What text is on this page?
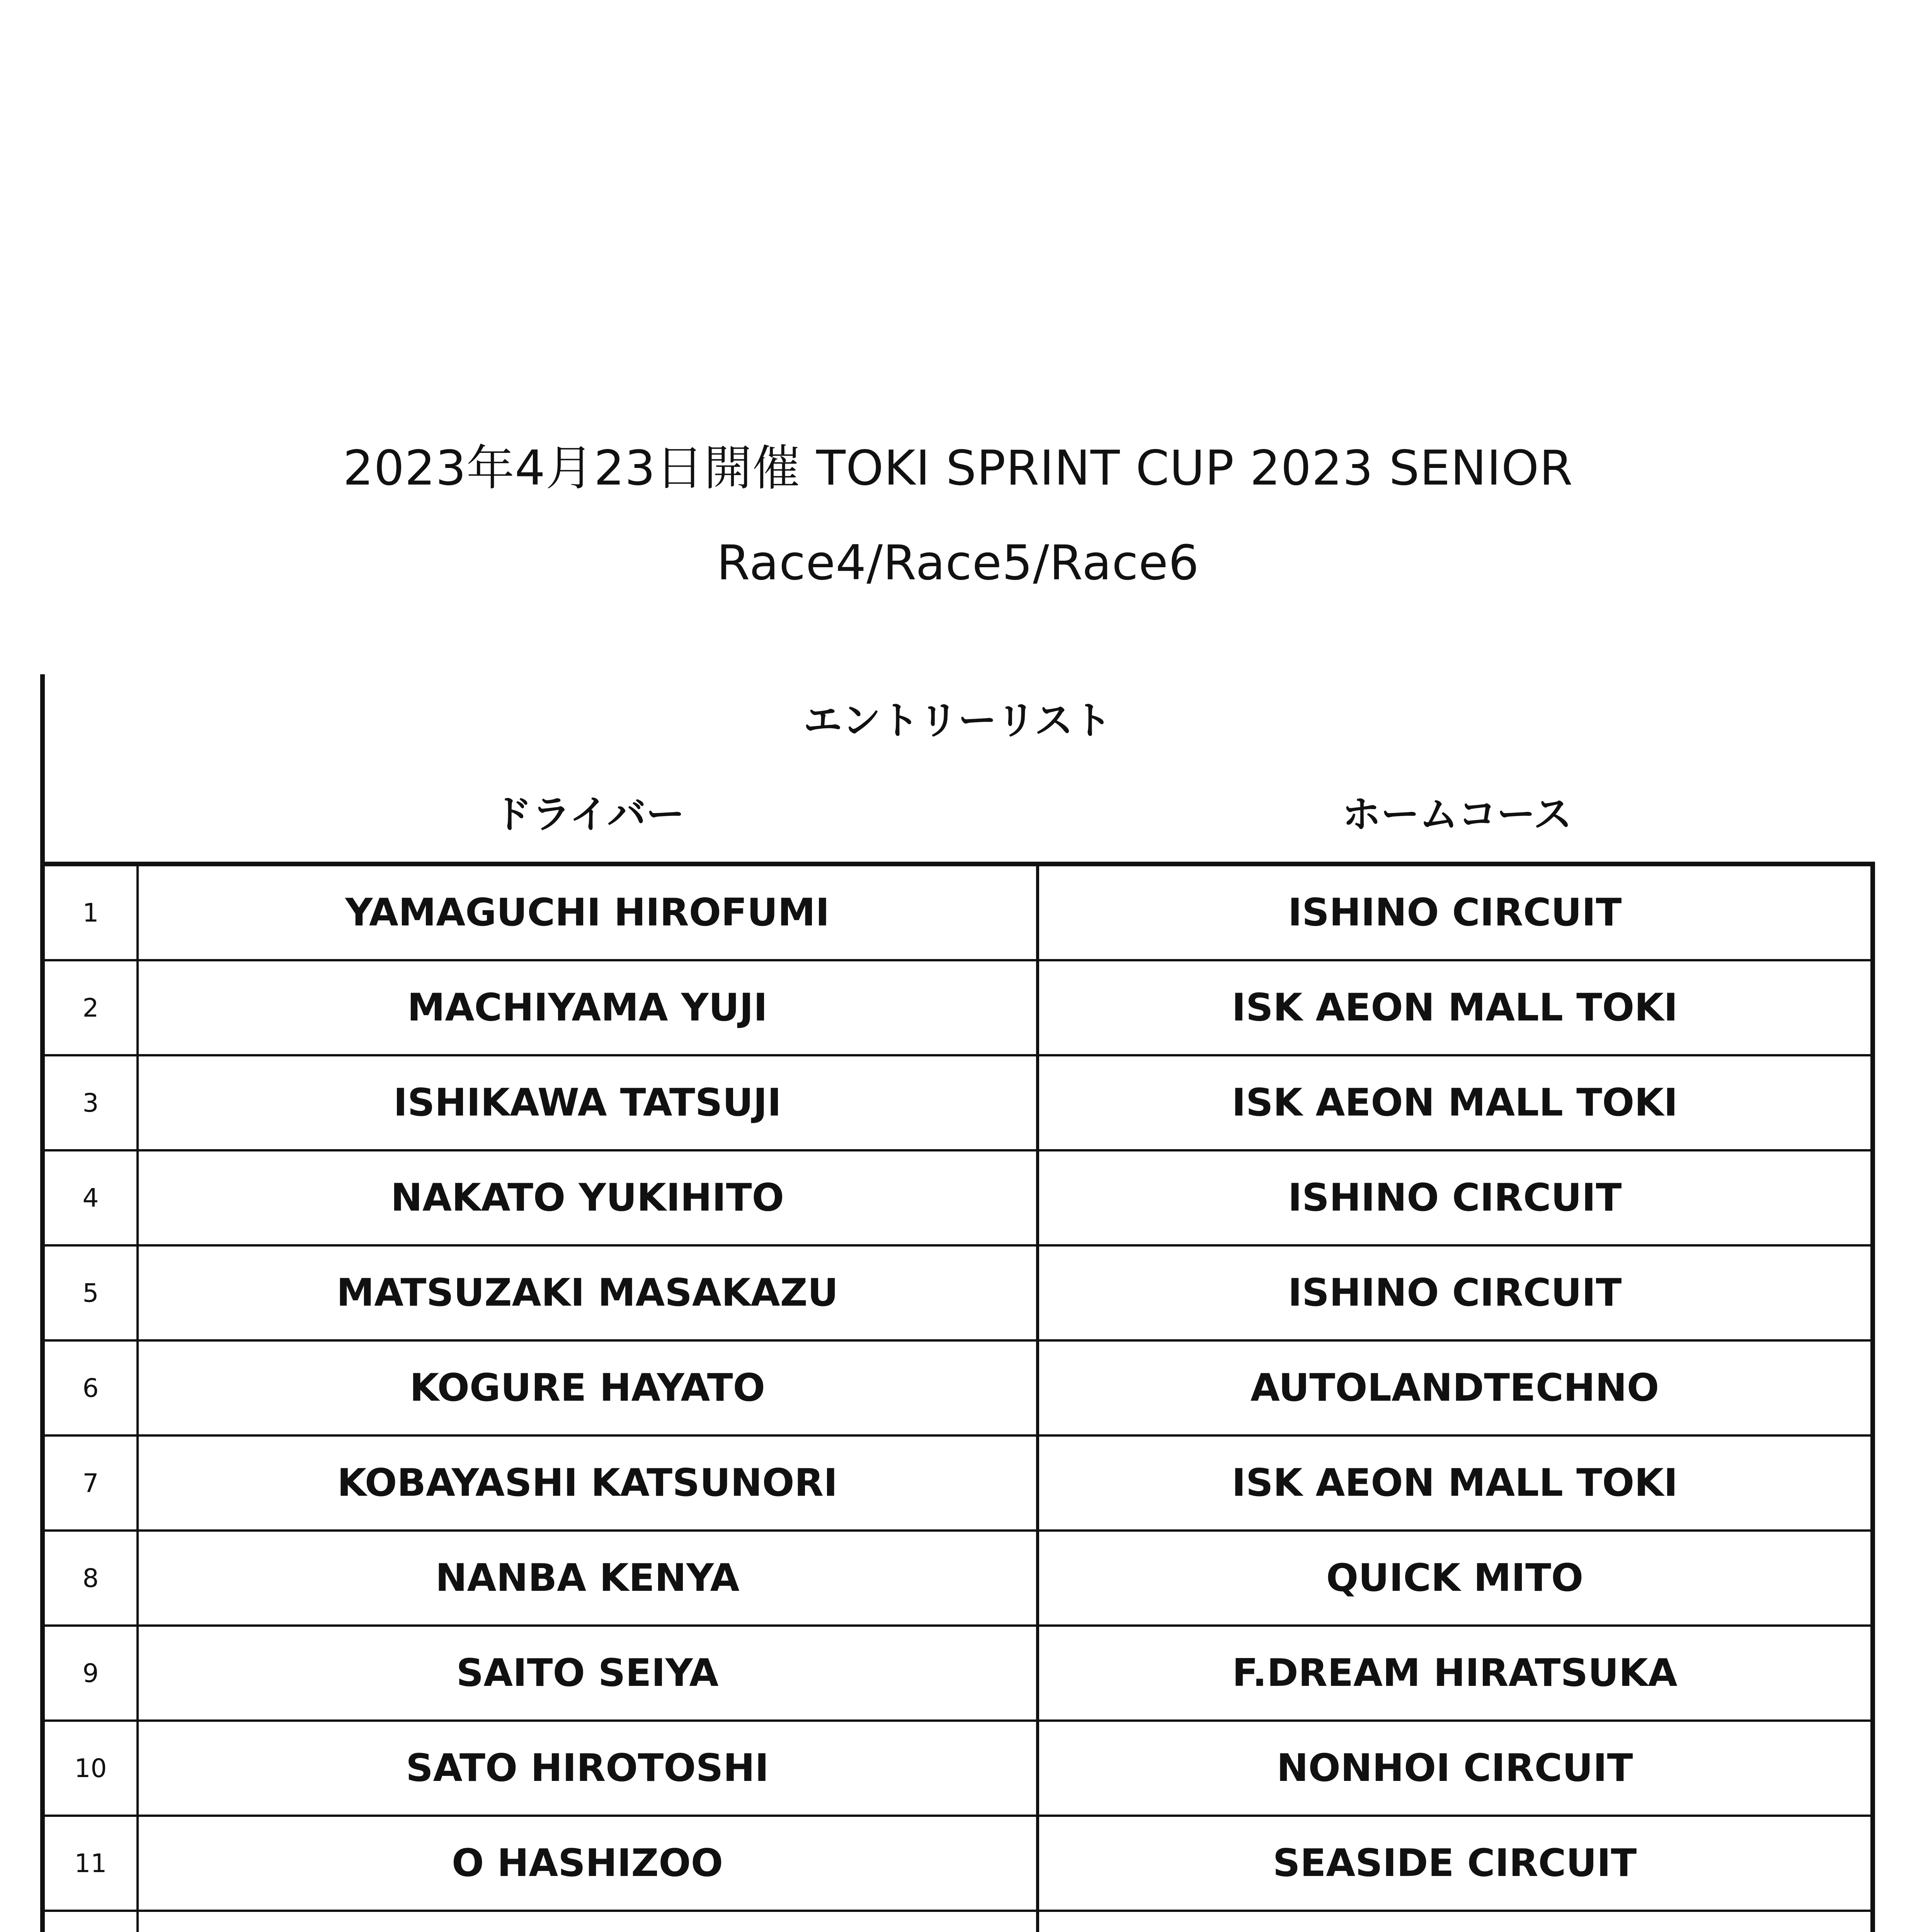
2023年4月23日開催 TOKI SPRINT CUP 2023 SENIOR
Race4/Race5/Race6
エントリーリスト
ドライバー	ホームコース
1	YAMAGUCHI HIROFUMI	ISHINO CIRCUIT
2	MACHIYAMA YUJI	ISK AEON MALL TOKI
3	ISHIKAWA TATSUJI	ISK AEON MALL TOKI
4	NAKATO YUKIHITO	ISHINO CIRCUIT
5	MATSUZAKI MASAKAZU	ISHINO CIRCUIT
6	KOGURE HAYATO	AUTOLANDTECHNO
7	KOBAYASHI KATSUNORI	ISK AEON MALL TOKI
8	NANBA KENYA	QUICK MITO
9	SAITO SEIYA	F.DREAM HIRATSUKA
10	SATO HIROTOSHI	NONHOI CIRCUIT
11	O HASHIZOO	SEASIDE CIRCUIT
